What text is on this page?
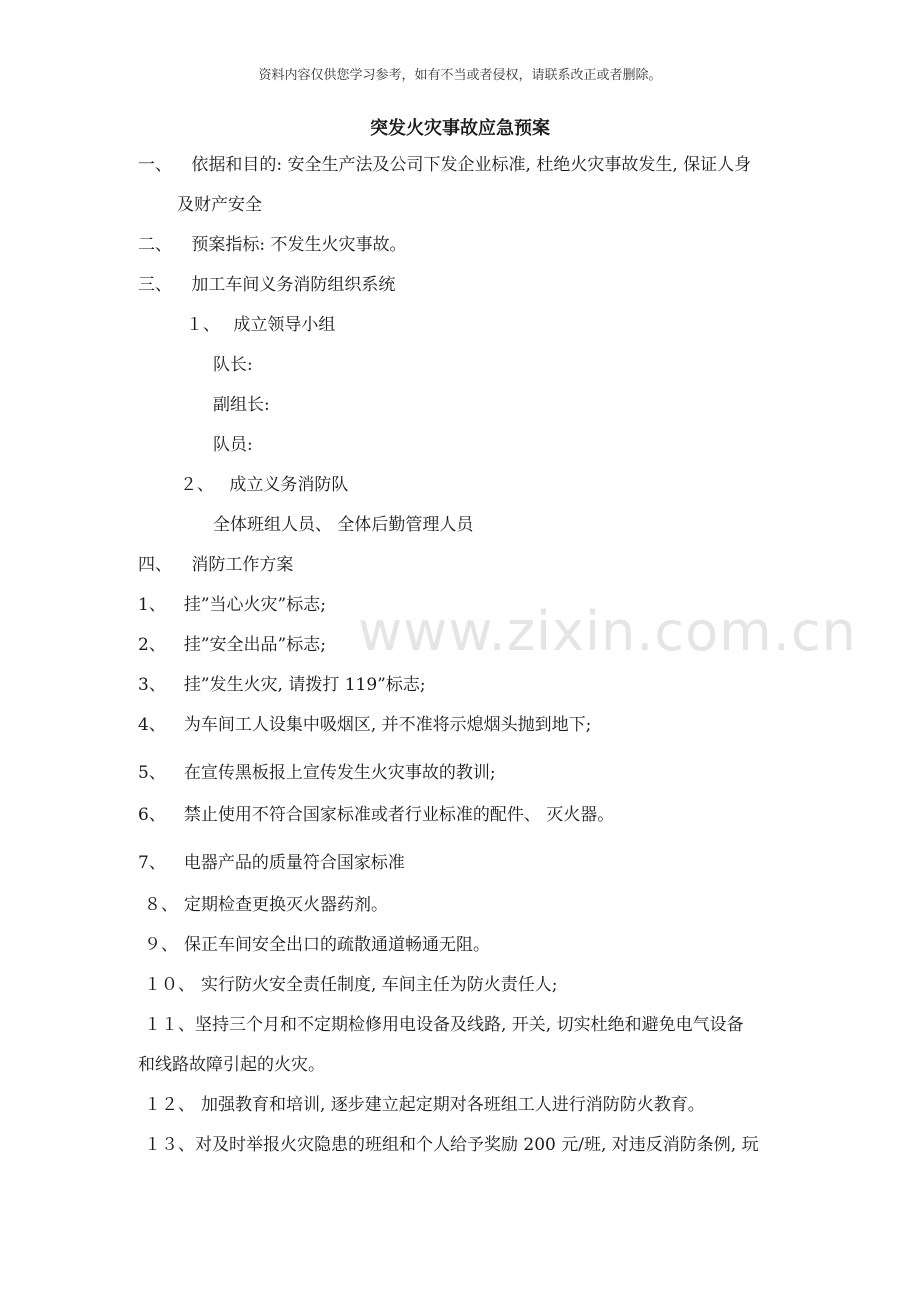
资料内容仅供您学习参考，如有不当或者侵权，请联系改正或者删除。
突发火灾事故应急预案
一、 依据和目的: 安全生产法及公司下发企业标准, 杜绝火灾事故发生, 保证人身
及财产安全
二、 预案指标: 不发生火灾事故。
三、 加工车间义务消防组织系统
１、 成立领导小组
队长:
副组长:
队员:
２、 成立义务消防队
全体班组人员、 全体后勤管理人员
四、 消防工作方案
1、 挂”当心火灾”标志;
2、 挂”安全出品”标志;
3、 挂”发生火灾, 请拨打 119”标志;
4、 为车间工人设集中吸烟区, 并不准将示熄烟头抛到地下;
5、 在宣传黑板报上宣传发生火灾事故的教训;
6、 禁止使用不符合国家标准或者行业标准的配件、 灭火器。
7、 电器产品的质量符合国家标准
８、 定期检查更换灭火器药剂。
９、 保正车间安全出口的疏散通道畅通无阻。
１０、 实行防火安全责任制度, 车间主任为防火责任人;
１１、坚持三个月和不定期检修用电设备及线路, 开关, 切实杜绝和避免电气设备
和线路故障引起的火灾。
１２、 加强教育和培训, 逐步建立起定期对各班组工人进行消防防火教育。
１３、对及时举报火灾隐患的班组和个人给予奖励 200 元/班, 对违反消防条例, 玩
www.zixin.com.cn
